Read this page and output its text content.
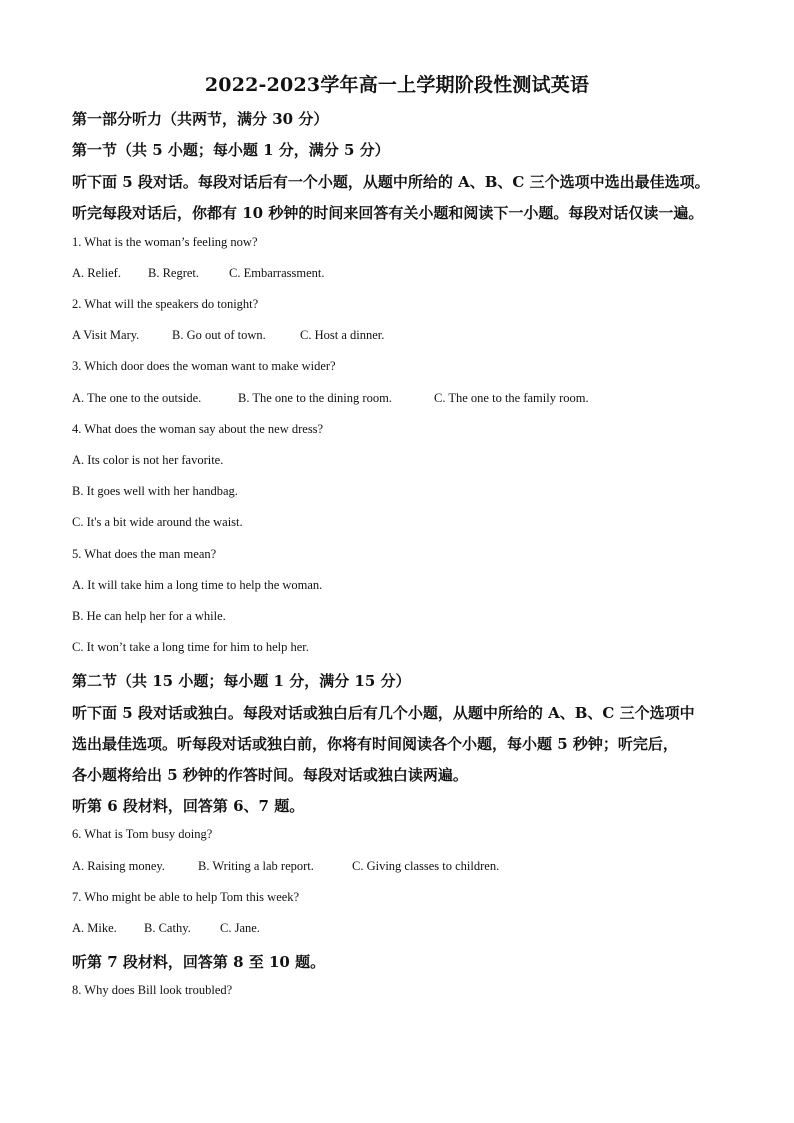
2022-2023学年高一上学期阶段性测试英语
第一部分听力（共两节，满分 30 分）
第一节（共 5 小题；每小题 1 分，满分 5 分）
听下面 5 段对话。每段对话后有一个小题，从题中所给的 A、B、C 三个选项中选出最佳选项。
听完每段对话后，你都有 10 秒钟的时间来回答有关小题和阅读下一小题。每段对话仅读一遍。
1. What is the woman’s feeling now?
A. Relief. B. Regret. C. Embarrassment.
2. What will the speakers do tonight?
A Visit Mary.	B. Go out of town.	C. Host a dinner.
3. Which door does the woman want to make wider?
A. The one to the outside.	B. The one to the dining room.	C. The one to the family room.
4. What does the woman say about the new dress?
A. Its color is not her favorite.
B. It goes well with her handbag.
C. It's a bit wide around the waist.
5. What does the man mean?
A. It will take him a long time to help the woman.
B. He can help her for a while.
C. It won’t take a long time for him to help her.
第二节（共 15 小题；每小题 1 分，满分 15 分）
听下面 5 段对话或独白。每段对话或独白后有几个小题，从题中所给的 A、B、C 三个选项中
选出最佳选项。听每段对话或独白前，你将有时间阅读各个小题，每小题 5 秒钟；听完后，
各小题将给出 5 秒钟的作答时间。每段对话或独白读两遍。
听第 6 段材料，回答第 6、7 题。
6. What is Tom busy doing?
A. Raising money.	B. Writing a lab report.	C. Giving classes to children.
7. Who might be able to help Tom this week?
A. Mike. B. Cathy. C. Jane.
听第 7 段材料，回答第 8 至 10 题。
8. Why does Bill look troubled?
